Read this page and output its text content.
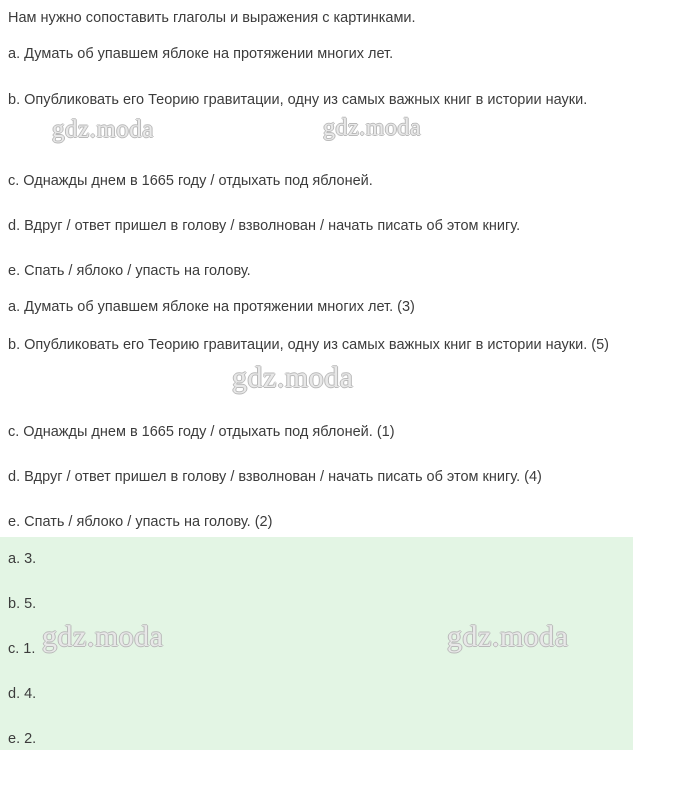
Нам нужно сопоставить глаголы и выражения с картинками.
a. Думать об упавшем яблоке на протяжении многих лет.
b. Опубликовать его Теорию гравитации, одну из самых важных книг в истории науки.
c. Однажды днем в 1665 году / отдыхать под яблоней.
d. Вдруг / ответ пришел в голову / взволнован / начать писать об этом книгу.
e. Спать / яблоко / упасть на голову.
a. Думать об упавшем яблоке на протяжении многих лет. (3)
b. Опубликовать его Теорию гравитации, одну из самых важных книг в истории науки. (5)
c. Однажды днем в 1665 году / отдыхать под яблоней. (1)
d. Вдруг / ответ пришел в голову / взволнован / начать писать об этом книгу. (4)
e. Спать / яблоко / упасть на голову. (2)
a. 3.
b. 5.
c. 1.
d. 4.
e. 2.
gdz.moda	gdz.moda
gdz.moda
gdz.moda	gdz.moda
